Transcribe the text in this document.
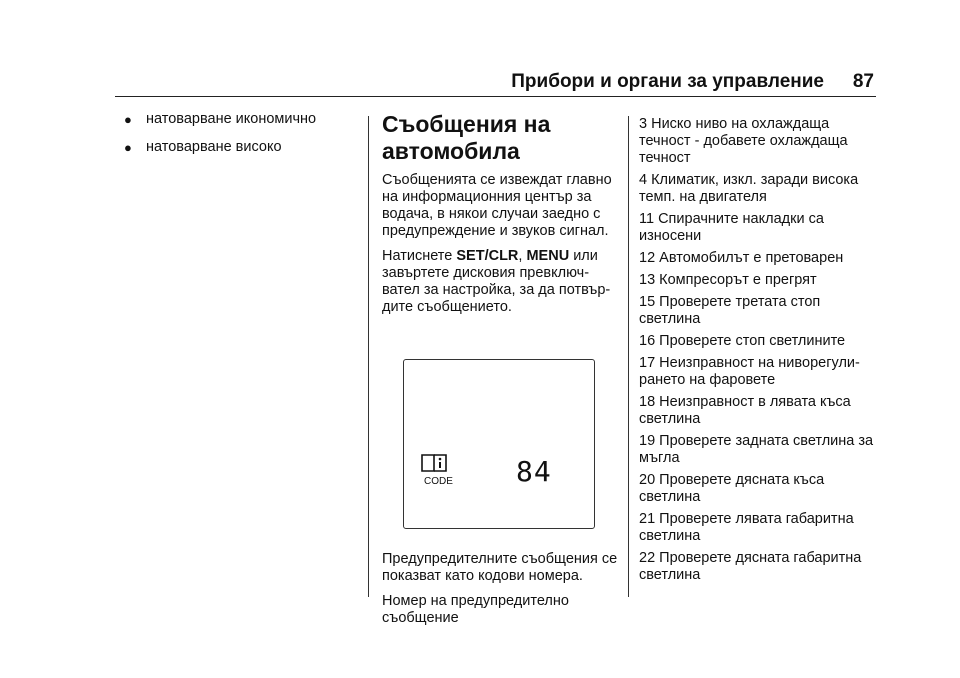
Прибори и органи за управление 87
● натоварване икономично
● натоварване високо
Съобщения на
автомобила

Съобщенията се извеждат главно на информационния център за водача, в някои случаи заедно с предупреждение и звуков сигнал.

Натиснете SET/CLR, MENU или завъртете дисковия превключ-вател за настройка, за да потвър-дите съобщението.

CODE 84

Предупредителните съобщения се показват като кодови номера.

Номер на предупредително съобщение

3 Ниско ниво на охлаждаща течност - добавете охлаждаща течност

4 Климатик, изкл. заради висока темп. на двигателя

11 Спирачните накладки са износени

12 Автомобилът е претоварен

13 Компресорът е прегрят

15 Проверете третата стоп светлина

16 Проверете стоп светлините

17 Неизправност на нивoрегули-рането на фаровете

18 Неизправност в лявата къса светлина

19 Проверете задната светлина за мъгла

20 Проверете дясната къса светлина

21 Проверете лявата габаритна светлина

22 Проверете дясната габаритна светлина
